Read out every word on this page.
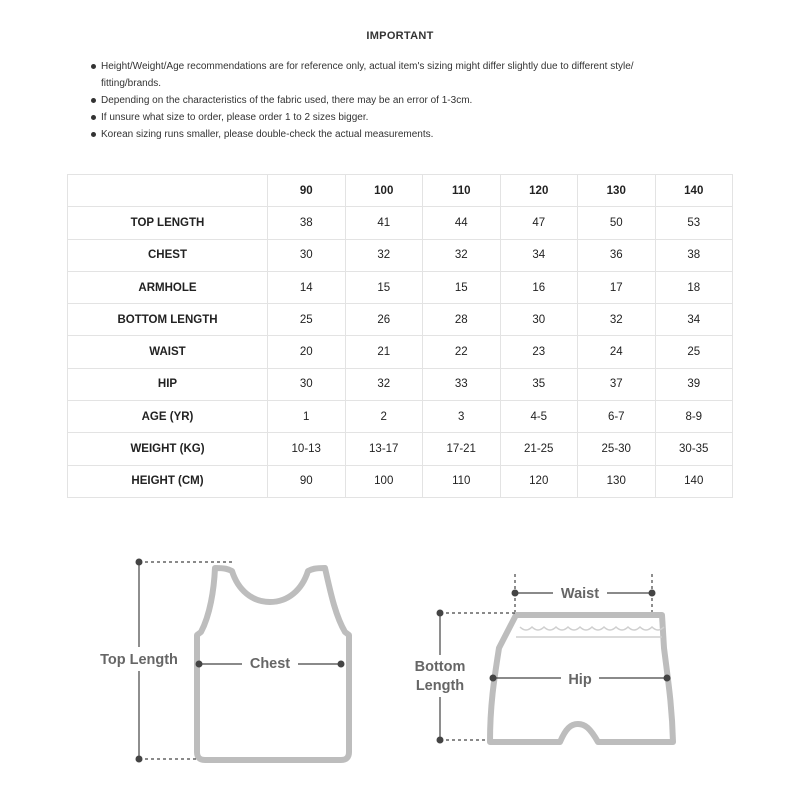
IMPORTANT
Height/Weight/Age recommendations are for reference only, actual item's sizing might differ slightly due to different style/
fitting/brands.
Depending on the characteristics of the fabric used, there may be an error of 1-3cm.
If unsure what size to order, please order 1 to 2 sizes bigger.
Korean sizing runs smaller, please double-check the actual measurements.
	90	100	110	120	130	140
TOP LENGTH	38	41	44	47	50	53
CHEST	30	32	32	34	36	38
ARMHOLE	14	15	15	16	17	18
BOTTOM LENGTH	25	26	28	30	32	34
WAIST	20	21	22	23	24	25
HIP	30	32	33	35	37	39
AGE (YR)	1	2	3	4-5	6-7	8-9
WEIGHT (KG)	10-13	13-17	17-21	21-25	25-30	30-35
HEIGHT (CM)	90	100	110	120	130	140
Top Length	Chest
Waist
Bottom
Length	Hip
